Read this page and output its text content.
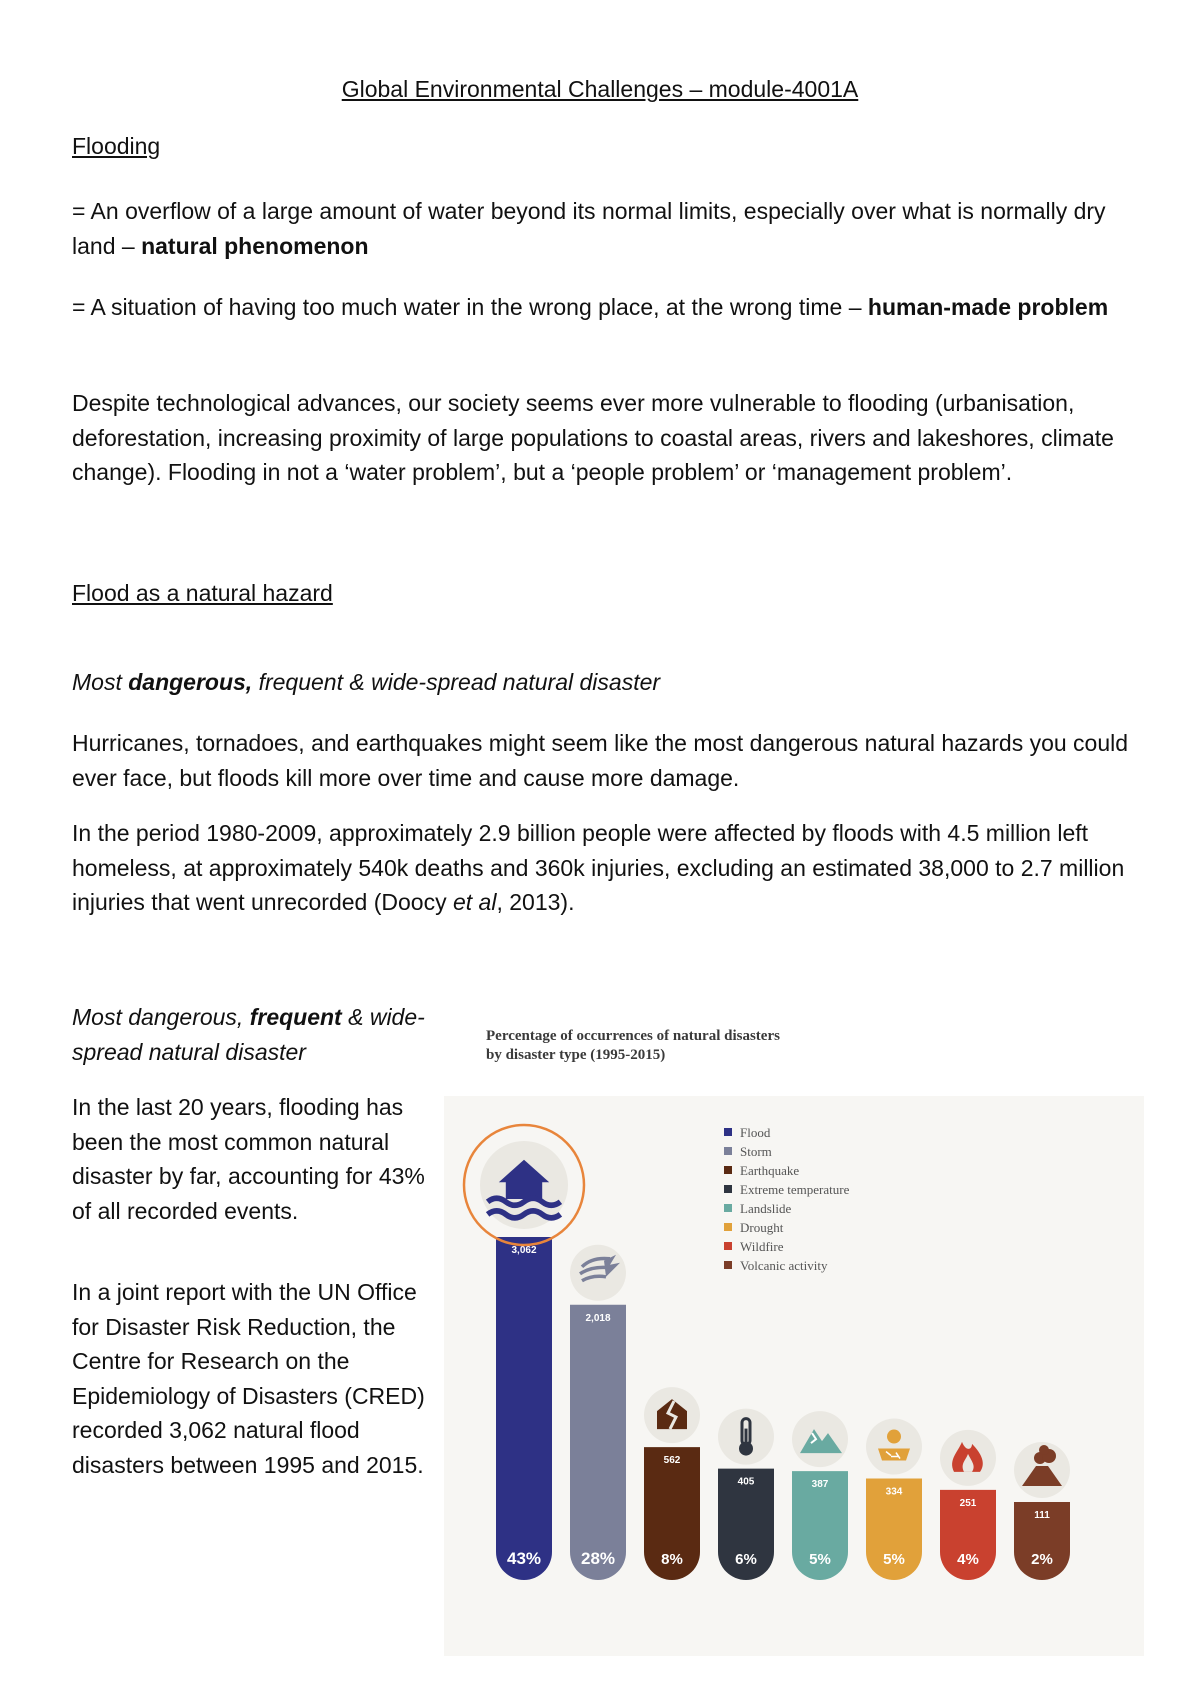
Global Environmental Challenges – module-4001A
Flooding
= An overflow of a large amount of water beyond its normal limits, especially over what is normally dry land – natural phenomenon
= A situation of having too much water in the wrong place, at the wrong time – human-made problem
Despite technological advances, our society seems ever more vulnerable to flooding (urbanisation, deforestation, increasing proximity of large populations to coastal areas, rivers and lakeshores, climate change). Flooding in not a ‘water problem’, but a ‘people problem’ or ‘management problem’.
Flood as a natural hazard
Most dangerous, frequent & wide-spread natural disaster
Hurricanes, tornadoes, and earthquakes might seem like the most dangerous natural hazards you could ever face, but floods kill more over time and cause more damage.
In the period 1980-2009, approximately 2.9 billion people were affected by floods with 4.5 million left homeless, at approximately 540k deaths and 360k injuries, excluding an estimated 38,000 to 2.7 million injuries that went unrecorded (Doocy et al, 2013).
Most dangerous, frequent & wide-spread natural disaster
In the last 20 years, flooding has been the most common natural disaster by far, accounting for 43% of all recorded events.
In a joint report with the UN Office for Disaster Risk Reduction, the Centre for Research on the Epidemiology of Disasters (CRED) recorded 3,062 natural flood disasters between 1995 and 2015.
Percentage of occurrences of natural disasters
by disaster type (1995-2015)
Flood
Storm
Earthquake
Extreme temperature
Landslide
Drought
Wildfire
Volcanic activity
3,062
43%
2,018
28%
562
8%
405
6%
387
5%
334
5%
251
4%
111
2%
